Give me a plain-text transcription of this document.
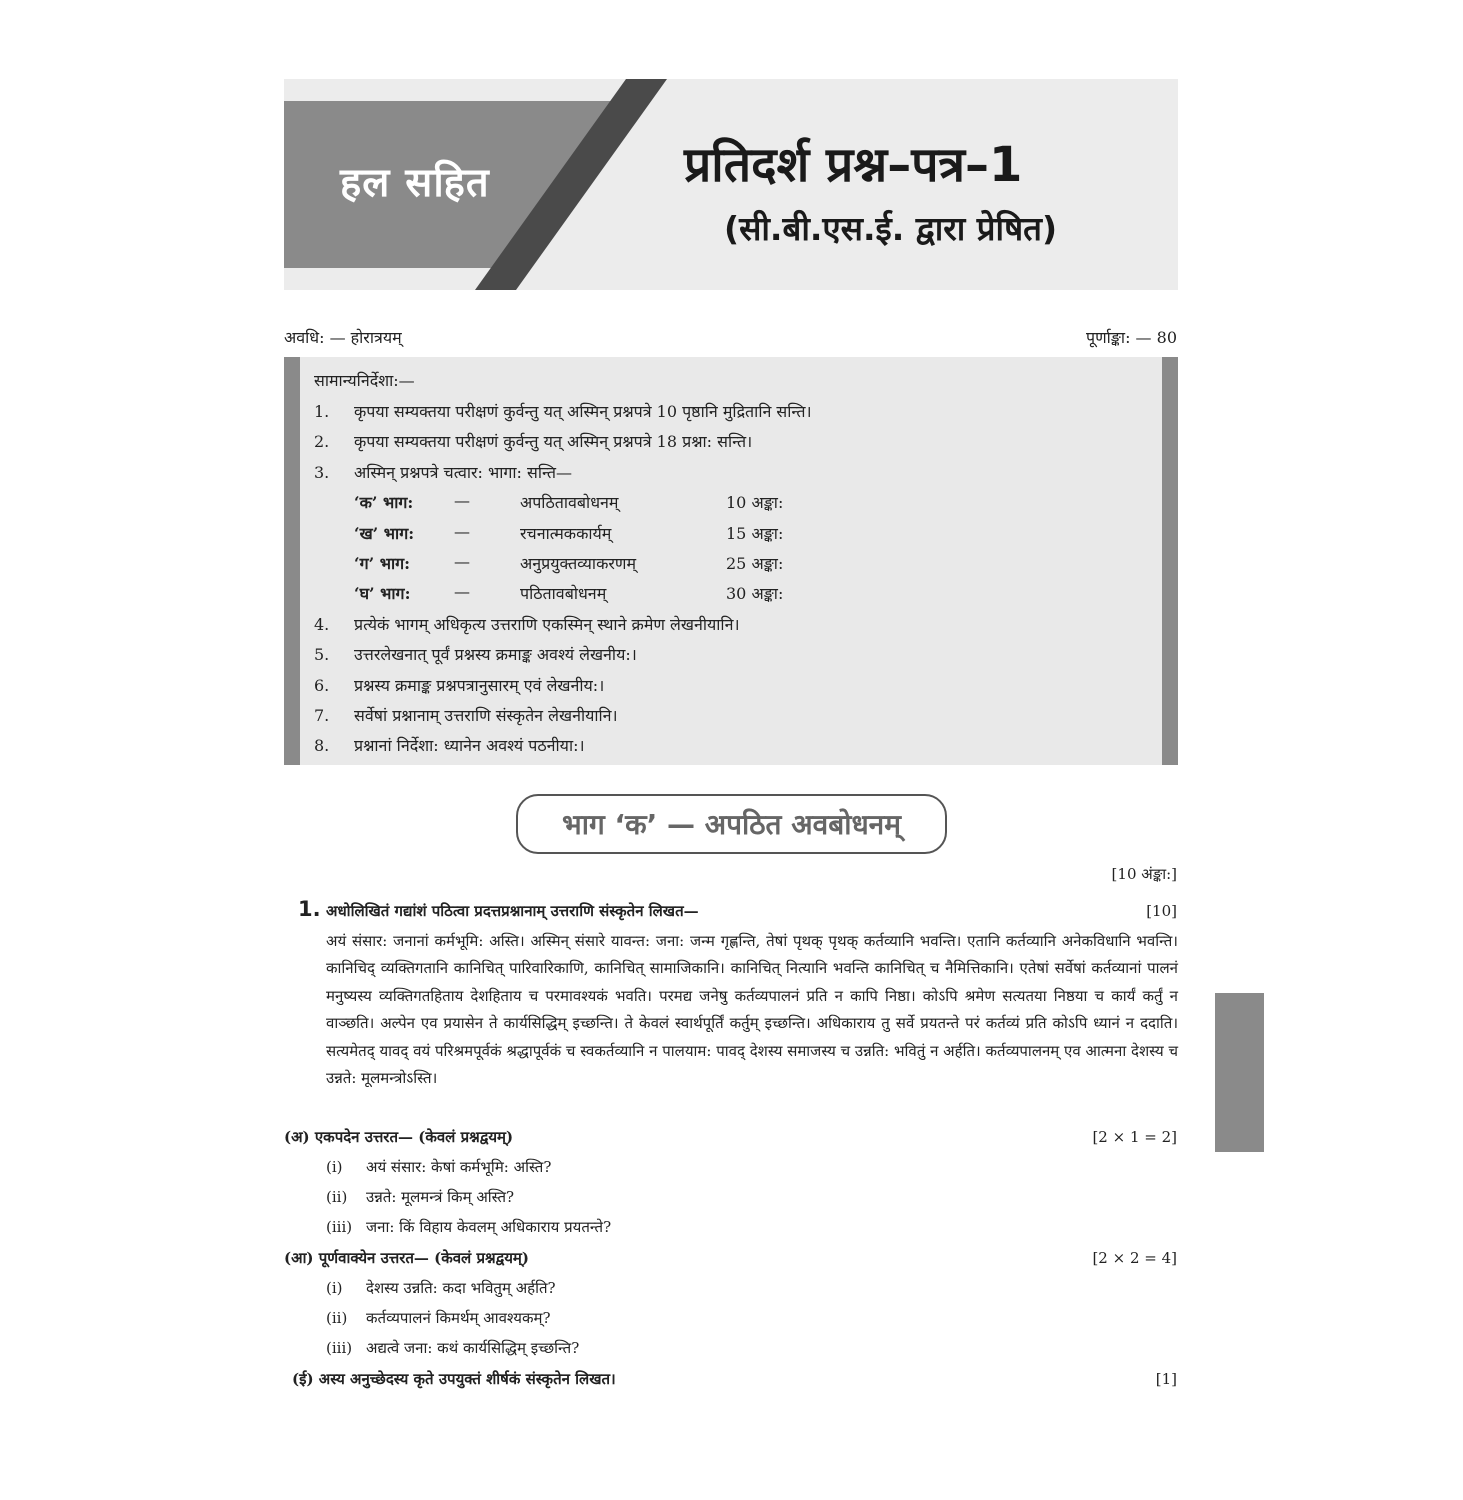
हल सहित	प्रतिदर्श प्रश्न–पत्र–1
(सी.बी.एस.ई. द्वारा प्रेषित)
अवधि: — होरात्रयम्	पूर्णाङ्का: — 80
सामान्यनिर्देशा:—
1. कृपया सम्यक्तया परीक्षणं कुर्वन्तु यत् अस्मिन् प्रश्नपत्रे 10 पृष्ठानि मुद्रितानि सन्ति।
2. कृपया सम्यक्तया परीक्षणं कुर्वन्तु यत् अस्मिन् प्रश्नपत्रे 18 प्रश्ना: सन्ति।
3. अस्मिन् प्रश्नपत्रे चत्वार: भागा: सन्ति—
‘क’ भाग:	—	अपठितावबोधनम्	10 अङ्का:
‘ख’ भाग: —	रचनात्मककार्यम्	15 अङ्का:
‘ग’ भाग:	—	अनुप्रयुक्तव्याकरणम्	25 अङ्का:
‘घ’ भाग:	—	पठितावबोधनम्	30 अङ्का:
4. प्रत्येकं भागम् अधिकृत्य उत्तराणि एकस्मिन् स्थाने क्रमेण लेखनीयानि।
5. उत्तरलेखनात् पूर्वं प्रश्नस्य क्रमाङ्क अवश्यं लेखनीय:।
6. प्रश्नस्य क्रमाङ्क प्रश्नपत्रानुसारम् एवं लेखनीय:।
7. सर्वेषां प्रश्नानाम् उत्तराणि संस्कृतेन लेखनीयानि।
8. प्रश्नानां निर्देशा: ध्यानेन अवश्यं पठनीया:।
भाग ‘क’ — अपठित अवबोधनम्
[10 अंङ्का:]
1. अधोलिखितं गद्यांशं पठित्वा प्रदत्तप्रश्नानाम् उत्तराणि संस्कृतेन लिखत—	[10]
अयं संसार: जनानां कर्मभूमि: अस्ति। अस्मिन् संसारे यावन्त: जना: जन्म गृह्णन्ति, तेषां पृथक् पृथक् कर्तव्यानि भवन्ति। एतानि कर्तव्यानि अनेकविधानि भवन्ति। कानिचिद् व्यक्तिगतानि कानिचित् पारिवारिकाणि, कानिचित् सामाजिकानि। कानिचित् नित्यानि भवन्ति कानिचित् च नैमित्तिकानि। एतेषां सर्वेषां कर्तव्यानां पालनं मनुष्यस्य व्यक्तिगतहिताय देशहिताय च परमावश्यकं भवति। परमद्य जनेषु कर्तव्यपालनं प्रति न कापि निष्ठा। कोऽपि श्रमेण सत्यतया निष्ठया च कार्यं कर्तुं न वाञ्छति। अल्पेन एव प्रयासेन ते कार्यसिद्धिम् इच्छन्ति। ते केवलं स्वार्थपूर्तिं कर्तुम् इच्छन्ति। अधिकाराय तु सर्वे प्रयतन्ते परं कर्तव्यं प्रति कोऽपि ध्यानं न ददाति। सत्यमेतद् यावद् वयं परिश्रमपूर्वकं श्रद्धापूर्वकं च स्वकर्तव्यानि न पालयाम: पावद् देशस्य समाजस्य च उन्नति: भवितुं न अर्हति। कर्तव्यपालनम् एव आत्मना देशस्य च उन्नते: मूलमन्त्रोऽस्ति।
(अ) एकपदेन उत्तरत— (केवलं प्रश्नद्वयम्)	[2 × 1 = 2]
(i) अयं संसार: केषां कर्मभूमि: अस्ति?
(ii) उन्नते: मूलमन्त्रं किम् अस्ति?
(iii) जना: किं विहाय केवलम् अधिकाराय प्रयतन्ते?
(आ) पूर्णवाक्येन उत्तरत— (केवलं प्रश्नद्वयम्)	[2 × 2 = 4]
(i) देशस्य उन्नति: कदा भवितुम् अर्हति?
(ii) कर्तव्यपालनं किमर्थम् आवश्यकम्?
(iii) अद्यत्वे जना: कथं कार्यसिद्धिम् इच्छन्ति?
(ई) अस्य अनुच्छेदस्य कृते उपयुक्तं शीर्षकं संस्कृतेन लिखत।	[1]
